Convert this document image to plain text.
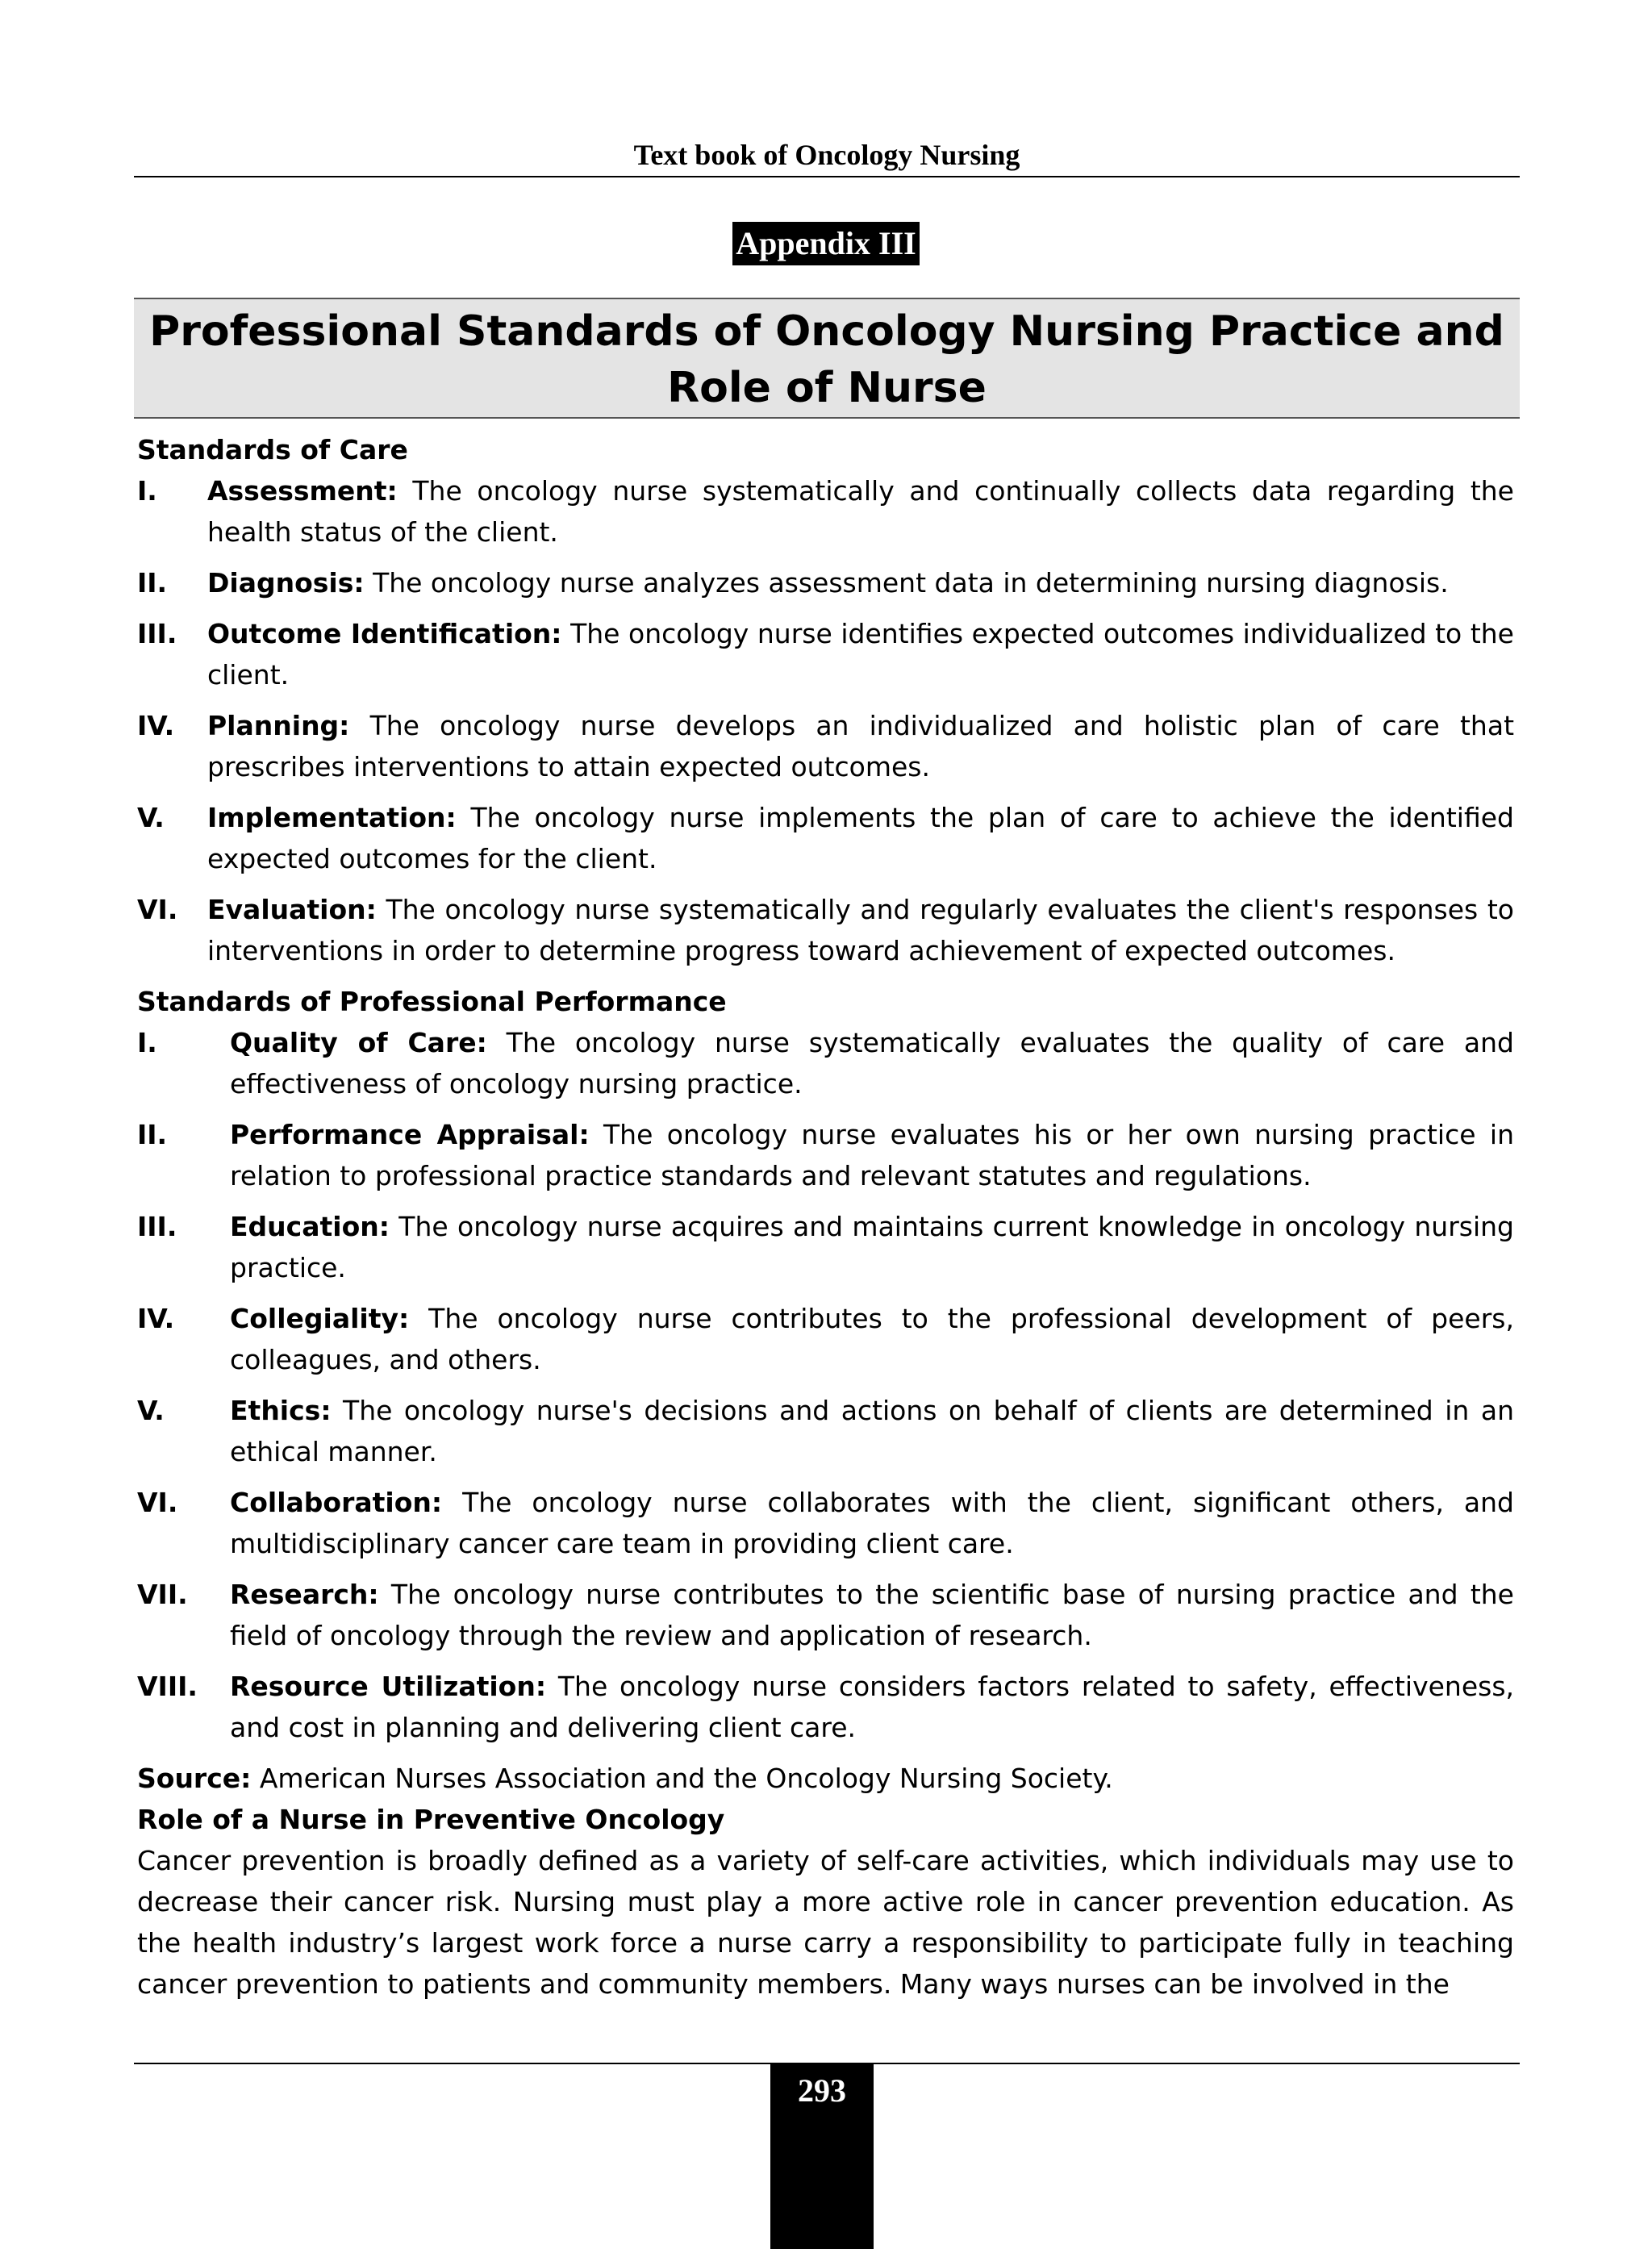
Text book of Oncology Nursing
Appendix III
Professional Standards of Oncology Nursing Practice and Role of Nurse

Standards of Care

I.	Assessment: The oncology nurse systematically and continually collects data regarding the health status of the client.
II.	Diagnosis: The oncology nurse analyzes assessment data in determining nursing diagnosis.
III.	Outcome Identification: The oncology nurse identifies expected outcomes individualized to the client.
IV.	Planning: The oncology nurse develops an individualized and holistic plan of care that prescribes interventions to attain expected outcomes.
V.	Implementation: The oncology nurse implements the plan of care to achieve the identified expected outcomes for the client.
VI.	Evaluation: The oncology nurse systematically and regularly evaluates the client's responses to interventions in order to determine progress toward achievement of expected outcomes.

Standards of Professional Performance

I.	Quality of Care: The oncology nurse systematically evaluates the quality of care and effectiveness of oncology nursing practice.
II.	Performance Appraisal: The oncology nurse evaluates his or her own nursing practice in relation to professional practice standards and relevant statutes and regulations.
III.	Education: The oncology nurse acquires and maintains current knowledge in oncology nursing practice.
IV.	Collegiality: The oncology nurse contributes to the professional development of peers, colleagues, and others.
V.	Ethics: The oncology nurse's decisions and actions on behalf of clients are determined in an ethical manner.
VI.	Collaboration: The oncology nurse collaborates with the client, significant others, and multidisciplinary cancer care team in providing client care.
VII.	Research: The oncology nurse contributes to the scientific base of nursing practice and the field of oncology through the review and application of research.
VIII.	Resource Utilization: The oncology nurse considers factors related to safety, effectiveness, and cost in planning and delivering client care.

Source: American Nurses Association and the Oncology Nursing Society.

Role of a Nurse in Preventive Oncology

Cancer prevention is broadly defined as a variety of self-care activities, which individuals may use to decrease their cancer risk. Nursing must play a more active role in cancer prevention education. As the health industry’s largest work force a nurse carry a responsibility to participate fully in teaching cancer prevention to patients and community members. Many ways nurses can be involved in the

293
